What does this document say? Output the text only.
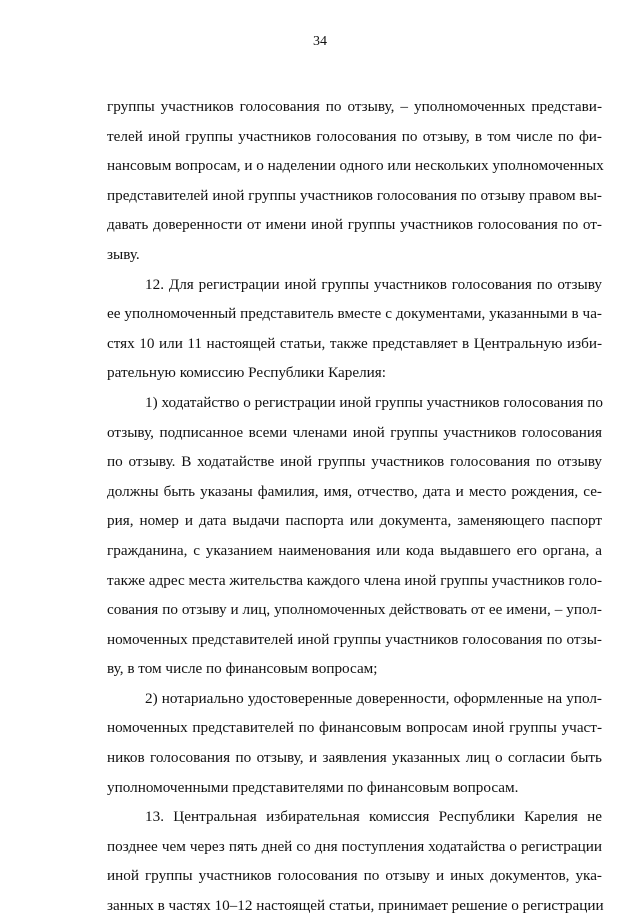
34
группы участников голосования по отзыву, – уполномоченных представи-
телей иной группы участников голосования по отзыву, в том числе по фи-
нансовым вопросам, и о наделении одного или нескольких уполномоченных
представителей иной группы участников голосования по отзыву правом вы-
давать доверенности от имени иной группы участников голосования по от-
зыву.
12. Для регистрации иной группы участников голосования по отзыву
ее уполномоченный представитель вместе с документами, указанными в ча-
стях 10 или 11 настоящей статьи, также представляет в Центральную изби-
рательную комиссию Республики Карелия:
1) ходатайство о регистрации иной группы участников голосования по
отзыву, подписанное всеми членами иной группы участников голосования
по отзыву. В ходатайстве иной группы участников голосования по отзыву
должны быть указаны фамилия, имя, отчество, дата и место рождения, се-
рия, номер и дата выдачи паспорта или документа, заменяющего паспорт
гражданина, с указанием наименования или кода выдавшего его органа, а
также адрес места жительства каждого члена иной группы участников голо-
сования по отзыву и лиц, уполномоченных действовать от ее имени, – упол-
номоченных представителей иной группы участников голосования по отзы-
ву, в том числе по финансовым вопросам;
2) нотариально удостоверенные доверенности, оформленные на упол-
номоченных представителей по финансовым вопросам иной группы участ-
ников голосования по отзыву, и заявления указанных лиц о согласии быть
уполномоченными представителями по финансовым вопросам.
13. Центральная избирательная комиссия Республики Карелия не
позднее чем через пять дней со дня поступления ходатайства о регистрации
иной группы участников голосования по отзыву и иных документов, ука-
занных в частях 10–12 настоящей статьи, принимает решение о регистрации
